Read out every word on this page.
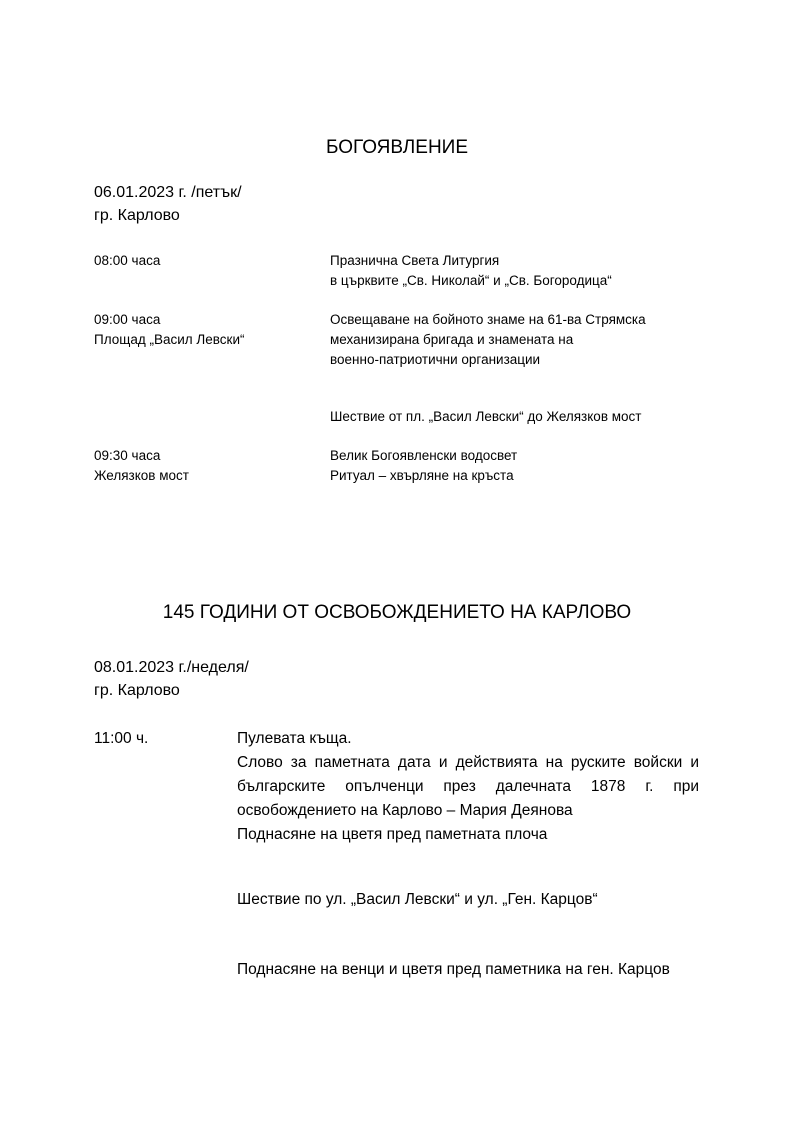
БОГОЯВЛЕНИЕ
06.01.2023 г. /петък/
гр. Карлово
08:00 часа	Празнична Света Литургия
в църквите „Св. Николай“ и „Св. Богородица“
09:00 часа
Площад „Васил Левски“
Освещаване на бойното знаме на 61-ва Стрямска
механизирана бригада и знамената на
военно-патриотични организации
Шествие от пл. „Васил Левски“ до Желязков мост
09:30 часа
Желязков мост
Велик Богоявленски водосвет
Ритуал – хвърляне на кръста
145 ГОДИНИ ОТ ОСВОБОЖДЕНИЕТО НА КАРЛОВО
08.01.2023 г./неделя/
гр. Карлово
11:00 ч.	Пулевата къща.
Слово за паметната дата и действията на руските войски и българските опълченци през далечната 1878 г. при освобождението на Карлово – Мария Деянова
Поднасяне на цветя пред паметната плоча
Шествие по ул. „Васил Левски“ и ул. „Ген. Карцов“
Поднасяне на венци и цветя пред паметника на ген. Карцов
